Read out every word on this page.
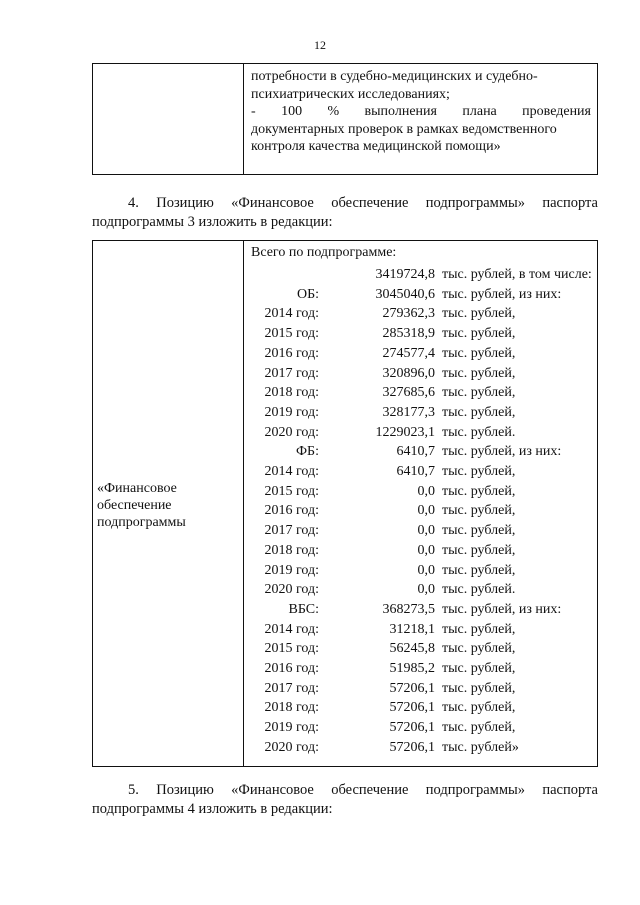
12
потребности в судебно-медицинских и судебно-
психиатрических исследованиях;
- 100 % выполнения плана проведения
документарных проверок в рамках ведомственного
контроля качества медицинской помощи»
4. Позицию «Финансовое обеспечение подпрограммы» паспорта
подпрограммы 3 изложить в редакции:
«Финансовое
обеспечение
подпрограммы
Всего по подпрограмме:
3419724,8 тыс. рублей, в том числе:
ОБ:	3045040,6 тыс. рублей, из них:
2014 год:	279362,3 тыс. рублей,
2015 год:	285318,9 тыс. рублей,
2016 год:	274577,4 тыс. рублей,
2017 год:	320896,0 тыс. рублей,
2018 год:	327685,6 тыс. рублей,
2019 год:	328177,3 тыс. рублей,
2020 год:	1229023,1 тыс. рублей.
ФБ:	6410,7 тыс. рублей, из них:
2014 год:	6410,7 тыс. рублей,
2015 год:	0,0 тыс. рублей,
2016 год:	0,0 тыс. рублей,
2017 год:	0,0 тыс. рублей,
2018 год:	0,0 тыс. рублей,
2019 год:	0,0 тыс. рублей,
2020 год:	0,0 тыс. рублей.
ВБС:	368273,5 тыс. рублей, из них:
2014 год:	31218,1 тыс. рублей,
2015 год:	56245,8 тыс. рублей,
2016 год:	51985,2 тыс. рублей,
2017 год:	57206,1 тыс. рублей,
2018 год:	57206,1 тыс. рублей,
2019 год:	57206,1 тыс. рублей,
2020 год:	57206,1 тыс. рублей»
5. Позицию «Финансовое обеспечение подпрограммы» паспорта
подпрограммы 4 изложить в редакции:
